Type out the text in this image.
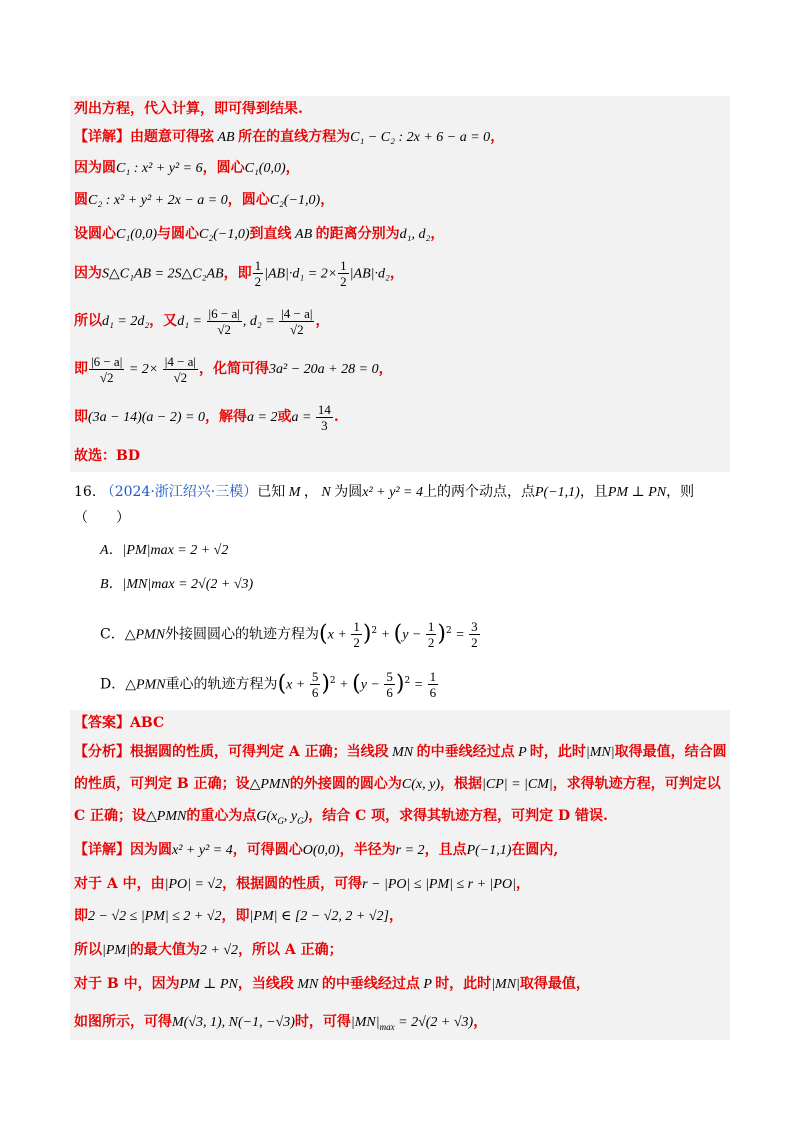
列出方程，代入计算，即可得到结果.
【详解】由题意可得弦 AB 所在的直线方程为C₁ − C₂ : 2x + 6 − a = 0，
因为圆C₁ : x² + y² = 6，圆心C₁(0,0)，
圆C₂ : x² + y² + 2x − a = 0，圆心C₂(−1,0)，
设圆心C₁(0,0)与圆心C₂(−1,0)到直线 AB 的距离分别为d₁, d₂，
因为S△C₁AB = 2S△C₂AB，即 $\frac{1}{2} |AB|\cdot d_1 = 2\times \frac{1}{2} |AB|\cdot d_2$，
所以d₁ = 2d₂，又$d_1 = \frac{|6 - a|}{√2}$ , $d_2 = \frac{|4 - a|}{√2}$ ，
即 $\frac{|6 - a|}{√2} = 2\times \frac{|4 - a|}{√2}$ ，化简可得3a² − 20a + 28 = 0，
即(3a − 14)(a − 2) = 0，解得a = 2或$a = \frac{14}{3}$ .
故选：BD
16. （2024·浙江绍兴·三模）已知 M ， N 为圆x² + y² = 4上的两个动点，点P(−1,1)，且PM ⊥ PN，则
（　　）
A．|PM|max = 2 + √2
B．|MN|max = 2√(2 + √3)
C．△PMN外接圆圆心的轨迹方程为$(x + \frac{1}{2} )^2 + (y - \frac{1}{2} )^2 = \frac{3}{2}$
D．△PMN重心的轨迹方程为$(x + \frac{5}{6} )^2 + (y - \frac{5}{6} )^2 = \frac{1}{6}$
【答案】ABC
【分析】根据圆的性质，可得判定 A 正确；当线段 MN 的中垂线经过点 P 时，此时|MN|取得最值，结合圆
的性质，可判定 B 正确；设△PMN的外接圆的圆心为C(x, y)，根据|CP| = |CM|，求得轨迹方程，可判定以
C 正确；设△PMN的重心为点$G(x_G$, $y_G$)，结合 C 项，求得其轨迹方程，可判定 D 错误.
【详解】因为圆x² + y² = 4，可得圆心O(0,0)，半径为r = 2，且点P(−1,1)在圆内,
对于 A 中，由|PO| = √2，根据圆的性质，可得r − |PO| ≤ |PM| ≤ r + |PO|，
即2 − √2 ≤ |PM| ≤ 2 + √2，即|PM| ∈ [2 − √2, 2 + √2]，
所以|PM|的最大值为2 + √2，所以 A 正确；
对于 B 中，因为PM ⊥ PN，当线段 MN 的中垂线经过点 P 时，此时|MN|取得最值，
如图所示，可得M(√3, 1), N(−1, −√3)时，可得$|MN|_{max} = 2√(2 + √3)$，
